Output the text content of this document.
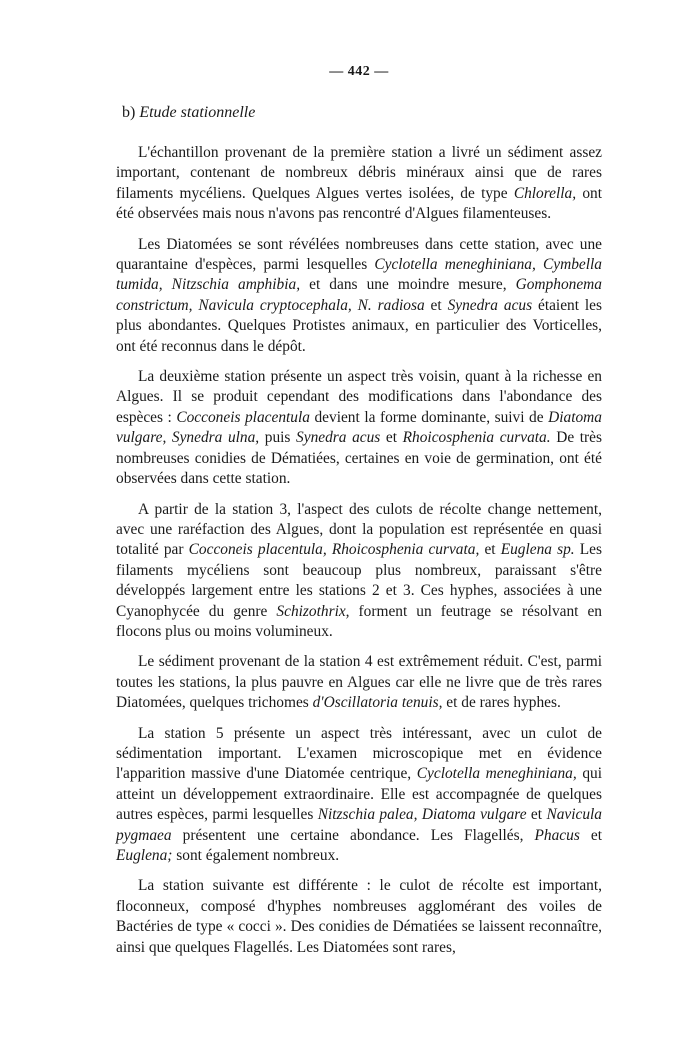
— 442 —
b) Etude stationnelle

L'échantillon provenant de la première station a livré un sédiment assez important, contenant de nombreux débris minéraux ainsi que de rares filaments mycéliens. Quelques Algues vertes isolées, de type Chlorella, ont été observées mais nous n'avons pas rencontré d'Algues filamenteuses.

Les Diatomées se sont révélées nombreuses dans cette station, avec une quarantaine d'espèces, parmi lesquelles Cyclotella meneghiniana, Cymbella tumida, Nitzschia amphibia, et dans une moindre mesure, Gomphonema constrictum, Navicula cryptocephala, N. radiosa et Synedra acus étaient les plus abondantes. Quelques Protistes animaux, en particulier des Vorticelles, ont été reconnus dans le dépôt.

La deuxième station présente un aspect très voisin, quant à la richesse en Algues. Il se produit cependant des modifications dans l'abondance des espèces : Cocconeis placentula devient la forme dominante, suivi de Diatoma vulgare, Synedra ulna, puis Synedra acus et Rhoicosphenia curvata. De très nombreuses conidies de Dématiées, certaines en voie de germination, ont été observées dans cette station.

A partir de la station 3, l'aspect des culots de récolte change nettement, avec une raréfaction des Algues, dont la population est représentée en quasi totalité par Cocconeis placentula, Rhoicosphenia curvata, et Euglena sp. Les filaments mycéliens sont beaucoup plus nombreux, paraissant s'être développés largement entre les stations 2 et 3. Ces hyphes, associées à une Cyanophycée du genre Schizothrix, forment un feutrage se résolvant en flocons plus ou moins volumineux.

Le sédiment provenant de la station 4 est extrêmement réduit. C'est, parmi toutes les stations, la plus pauvre en Algues car elle ne livre que de très rares Diatomées, quelques trichomes d'Oscillatoria tenuis, et de rares hyphes.

La station 5 présente un aspect très intéressant, avec un culot de sédimentation important. L'examen microscopique met en évidence l'apparition massive d'une Diatomée centrique, Cyclotella meneghiniana, qui atteint un développement extraordinaire. Elle est accompagnée de quelques autres espèces, parmi lesquelles Nitzschia palea, Diatoma vulgare et Navicula pygmaea présentent une certaine abondance. Les Flagellés, Phacus et Euglena; sont également nombreux.

La station suivante est différente : le culot de récolte est important, floconneux, composé d'hyphes nombreuses agglomérant des voiles de Bactéries de type « cocci ». Des conidies de Dématiées se laissent reconnaître, ainsi que quelques Flagellés. Les Diatomées sont rares,
